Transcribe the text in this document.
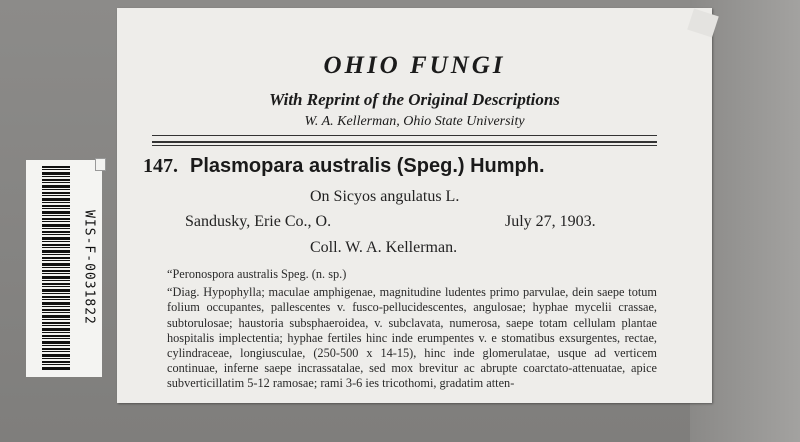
WIS-F-0031822
OHIO FUNGI
With Reprint of the Original Descriptions
W. A. Kellerman, Ohio State University
147. Plasmopara australis (Speg.) Humph.
On Sicyos angulatus L.
Sandusky, Erie Co., O.	July 27, 1903.
Coll. W. A. Kellerman.

“Peronospora australis Speg. (n. sp.)

“Diag. Hypophylla; maculae amphigenae, magnitudine ludentes primo parvulae, dein saepe totum folium occupantes, pallescentes v. fusco-pellucidescentes, angulosae; hyphae mycelii crassae, subtorulosae; haustoria subsphaeroidea, v. subclavata, numerosa, saepe totam cellulam plantae hospitalis implectentia; hyphae fertiles hinc inde erumpentes v. e stomatibus exsurgentes, rectae, cylindraceae, longiusculae, (250-500 x 14-15), hinc inde glomerulatae, usque ad verticem continuae, inferne saepe incrassatalae, sed mox brevitur ac abrupte coarctato-attenuatae, apice subverticillatim 5-12 ramosae; rami 3-6 ies tricothomi, gradatim atten-
